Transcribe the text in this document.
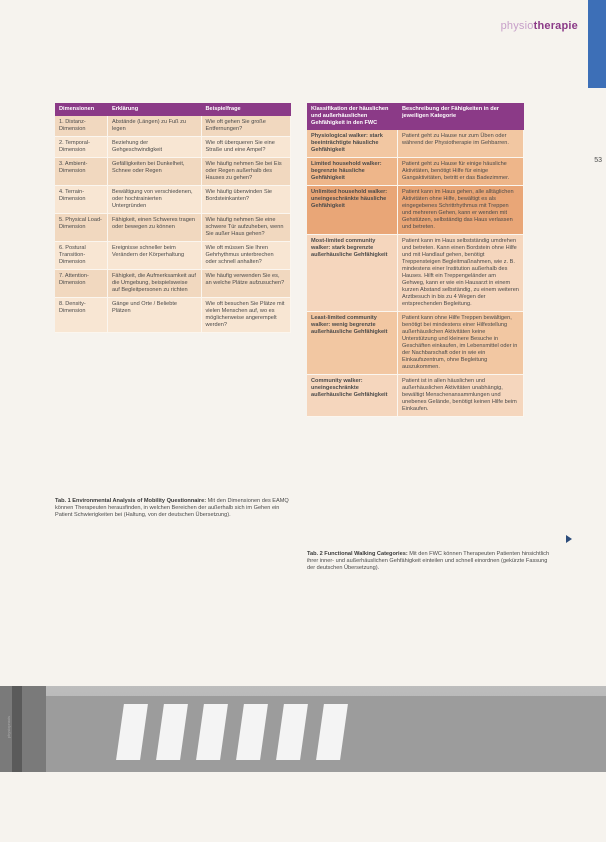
physiotherapie
53
Dimensionen	Erklärung	Beispielfrage
1. Distanz-Dimension	Abstände (Längen) zu Fuß zu legen	Wie oft gehen Sie große Entfernungen?
2. Temporal-Dimension	Beziehung der Gehgeschwindigkeit	Wie oft überqueren Sie eine Straße und eine Ampel?
3. Ambient-Dimension	Gefälligkeiten bei Dunkelheit, Schnee oder Regen	Wie häufig nehmen Sie bei Eis oder Regen außerhalb des Hauses zu gehen?
4. Terrain-Dimension	Bewältigung von verschiedenen, oder hochtrainierten Untergründen	Wie häufig überwinden Sie Bordsteinkanten?
5. Physical Load-Dimension	Fähigkeit, einen Schweres tragen oder bewegen zu können	Wie häufig nehmen Sie eine schwere Tür aufzuheben, wenn Sie außer Haus gehen?
6. Postural Transition-Dimension	Ereignisse schneller beim Verändern der Körperhaltung	Wie oft müssen Sie Ihren Gehrhythmus unterbrechen oder schnell anhalten?
7. Attention-Dimension	Fähigkeit, die Aufmerksamkeit auf die Umgebung, beispielsweise auf Begleitpersonen zu richten	Wie häufig verwenden Sie es, an welche Plätze aufzusuchen?
8. Density-Dimension	Gänge und Orte / Beliebte Plätzen	Wie oft besuchen Sie Plätze mit vielen Menschen auf, wo es möglicherweise angerempelt werden?
Tab. 1 Environmental Analysis of Mobility Questionnaire: Mit den Dimensionen des EAMQ können Therapeuten herausfinden, in welchen Bereichen der außerhalb sich im Gehen ein Patient Schwierigkeiten bei (Haltung, von der deutschen Übersetzung).
Klassifikation der häuslichen und außerhäuslichen Gehfähigkeit in den FWC	Beschreibung der Fähigkeiten in der jeweiligen Kategorie
Physiological walker: stark beeinträchtigte häusliche Gehfähigkeit	Patient geht zu Hause nur zum Üben oder während der Physiotherapie im Gehbarren.
Limited household walker: begrenzte häusliche Gehfähigkeit	Patient geht zu Hause für einige häusliche Aktivitäten, benötigt Hilfe für einige Gangaktivitäten, betritt er das Badezimmer.
Unlimited household walker: uneingeschränkte häusliche Gehfähigkeit	Patient kann im Haus gehen, alle alltäglichen Aktivitäten ohne Hilfe, bewältigt es als eingegebenes Schrittrhythmus mit Treppen und mehreren Gehen, kann er wenden mit Gehstützen, selbständig das Haus verlassen und betreten.
Most-limited community walker: stark begrenzte außerhäusliche Gehfähigkeit	Patient kann im Haus selbstständig umdrehen und betreten. Kann einen Bordstein ohne Hilfe und mit Handlauf gehen, benötigt Treppensteigen Begleitmaßnahmen, wie z. B. mindestens einer Institution außerhalb des Hauses. Hilft ein Treppengeländer am Gehweg, kann er wie ein Hausarzt in einem kurzen Abstand selbständig, zu einem weiteren Arztbesuch in bis zu 4 Wegen der entsprechenden Begleitung.
Least-limited community walker: wenig begrenzte außerhäusliche Gehfähigkeit	Patient kann ohne Hilfe Treppen bewältigen, benötigt bei mindestens einer Hilfestellung außerhäuslichen Aktivitäten keine Unterstützung und kleinere Besuche in Geschäften einkaufen, im Lebensmittel oder in der Nachbarschaft oder in wie ein Einkaufszentrum, ohne Begleitung auszukommen.
Community walker: uneingeschränkte außerhäusliche Gehfähigkeit	Patient ist in allen häuslichen und außerhäuslichen Aktivitäten unabhängig, bewältigt Menschenansammlungen und unebenes Gelände, benötigt keinen Hilfe beim Einkaufen.
Tab. 2 Functional Walking Categories: Mit den FWC können Therapeuten Patienten hinsichtlich ihrer inner- und außerhäuslichen Gehfähigkeit einteilen und schnell einordnen (gekürzte Fassung der deutschen Übersetzung).
physiopraxis
